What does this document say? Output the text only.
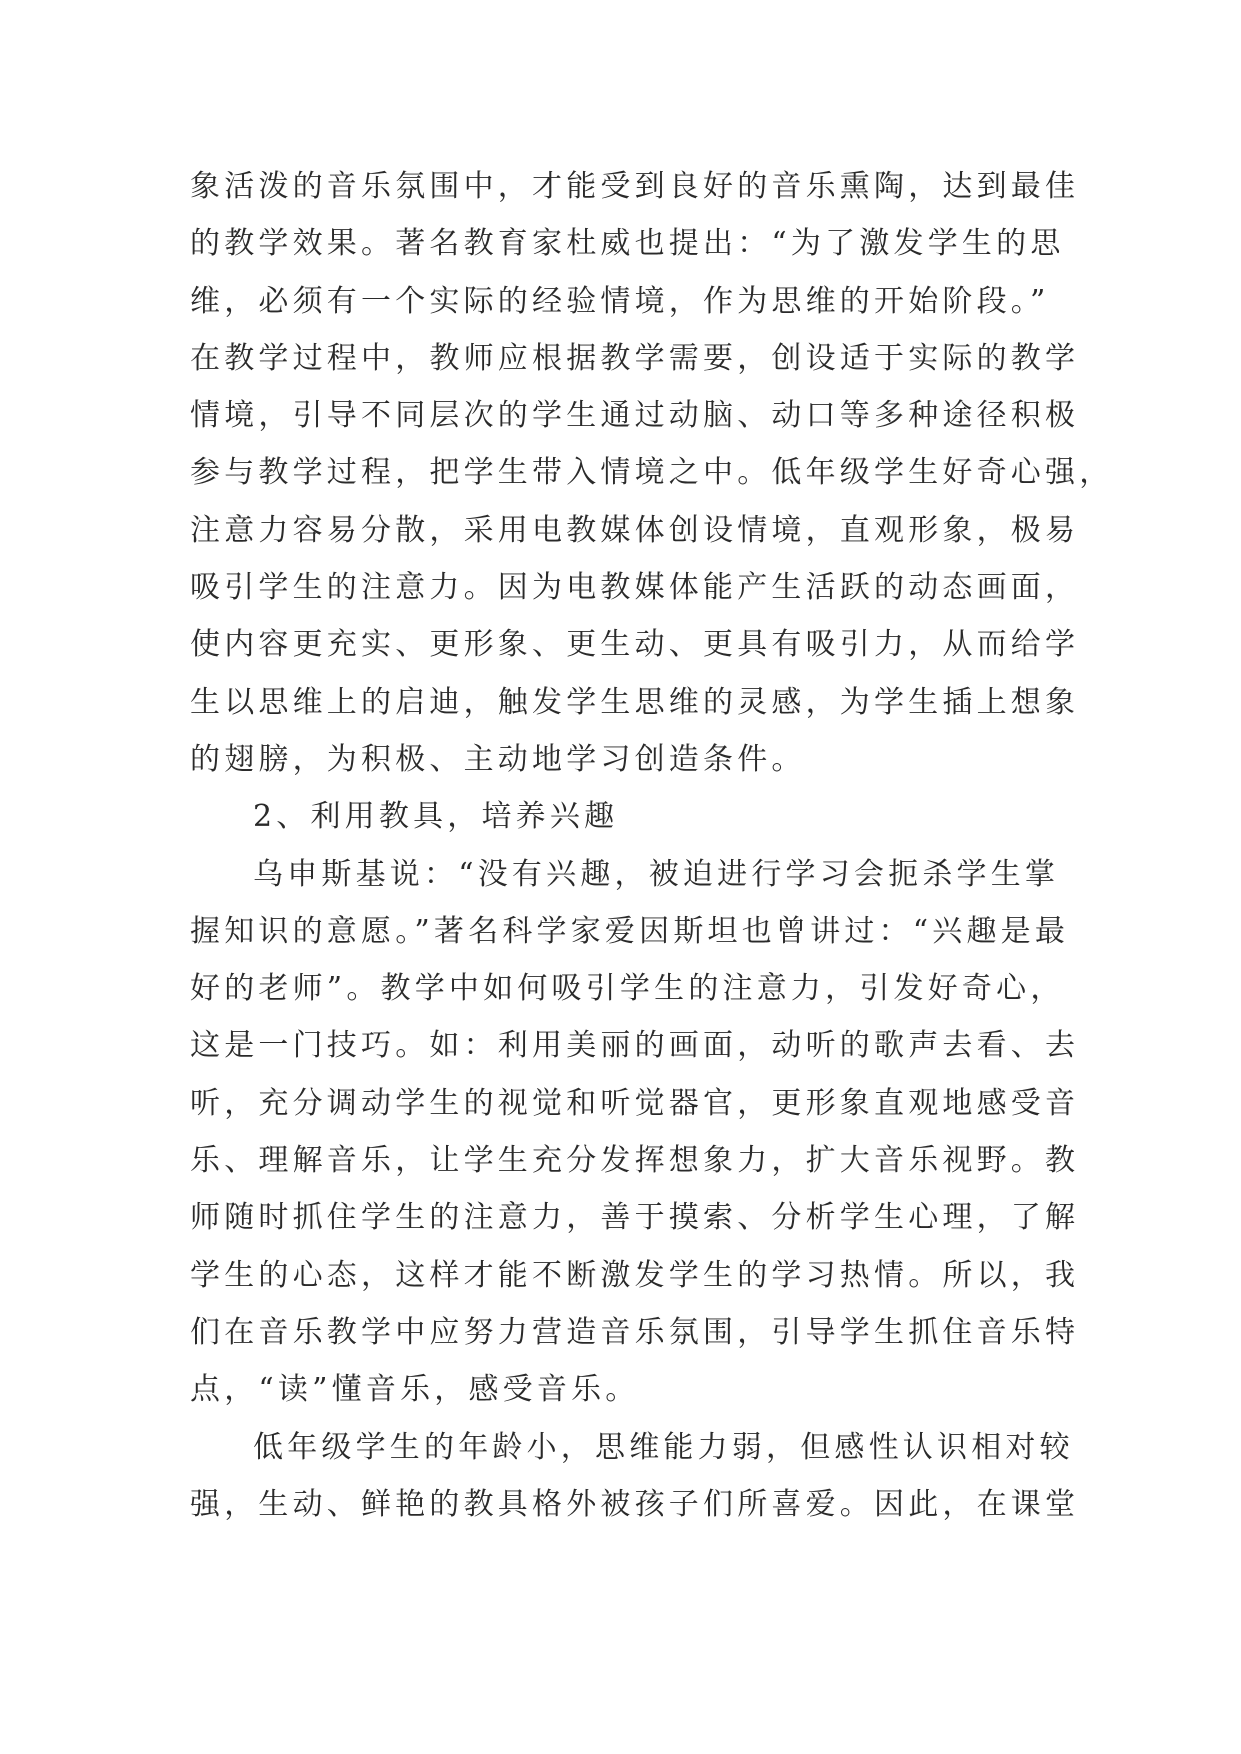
象活泼的音乐氛围中，才能受到良好的音乐熏陶，达到最佳
的教学效果。著名教育家杜威也提出：“为了激发学生的思
维，必须有一个实际的经验情境，作为思维的开始阶段。”
在教学过程中，教师应根据教学需要，创设适于实际的教学
情境，引导不同层次的学生通过动脑、动口等多种途径积极
参与教学过程，把学生带入情境之中。低年级学生好奇心强，
注意力容易分散，采用电教媒体创设情境，直观形象，极易
吸引学生的注意力。因为电教媒体能产生活跃的动态画面，
使内容更充实、更形象、更生动、更具有吸引力，从而给学
生以思维上的启迪，触发学生思维的灵感，为学生插上想象
的翅膀，为积极、主动地学习创造条件。
2、利用教具，培养兴趣
乌申斯基说：“没有兴趣，被迫进行学习会扼杀学生掌
握知识的意愿。”著名科学家爱因斯坦也曾讲过：“兴趣是最
好的老师”。教学中如何吸引学生的注意力，引发好奇心，
这是一门技巧。如：利用美丽的画面，动听的歌声去看、去
听，充分调动学生的视觉和听觉器官，更形象直观地感受音
乐、理解音乐，让学生充分发挥想象力，扩大音乐视野。教
师随时抓住学生的注意力，善于摸索、分析学生心理，了解
学生的心态，这样才能不断激发学生的学习热情。所以，我
们在音乐教学中应努力营造音乐氛围，引导学生抓住音乐特
点，“读”懂音乐，感受音乐。
低年级学生的年龄小，思维能力弱，但感性认识相对较
强，生动、鲜艳的教具格外被孩子们所喜爱。因此，在课堂
